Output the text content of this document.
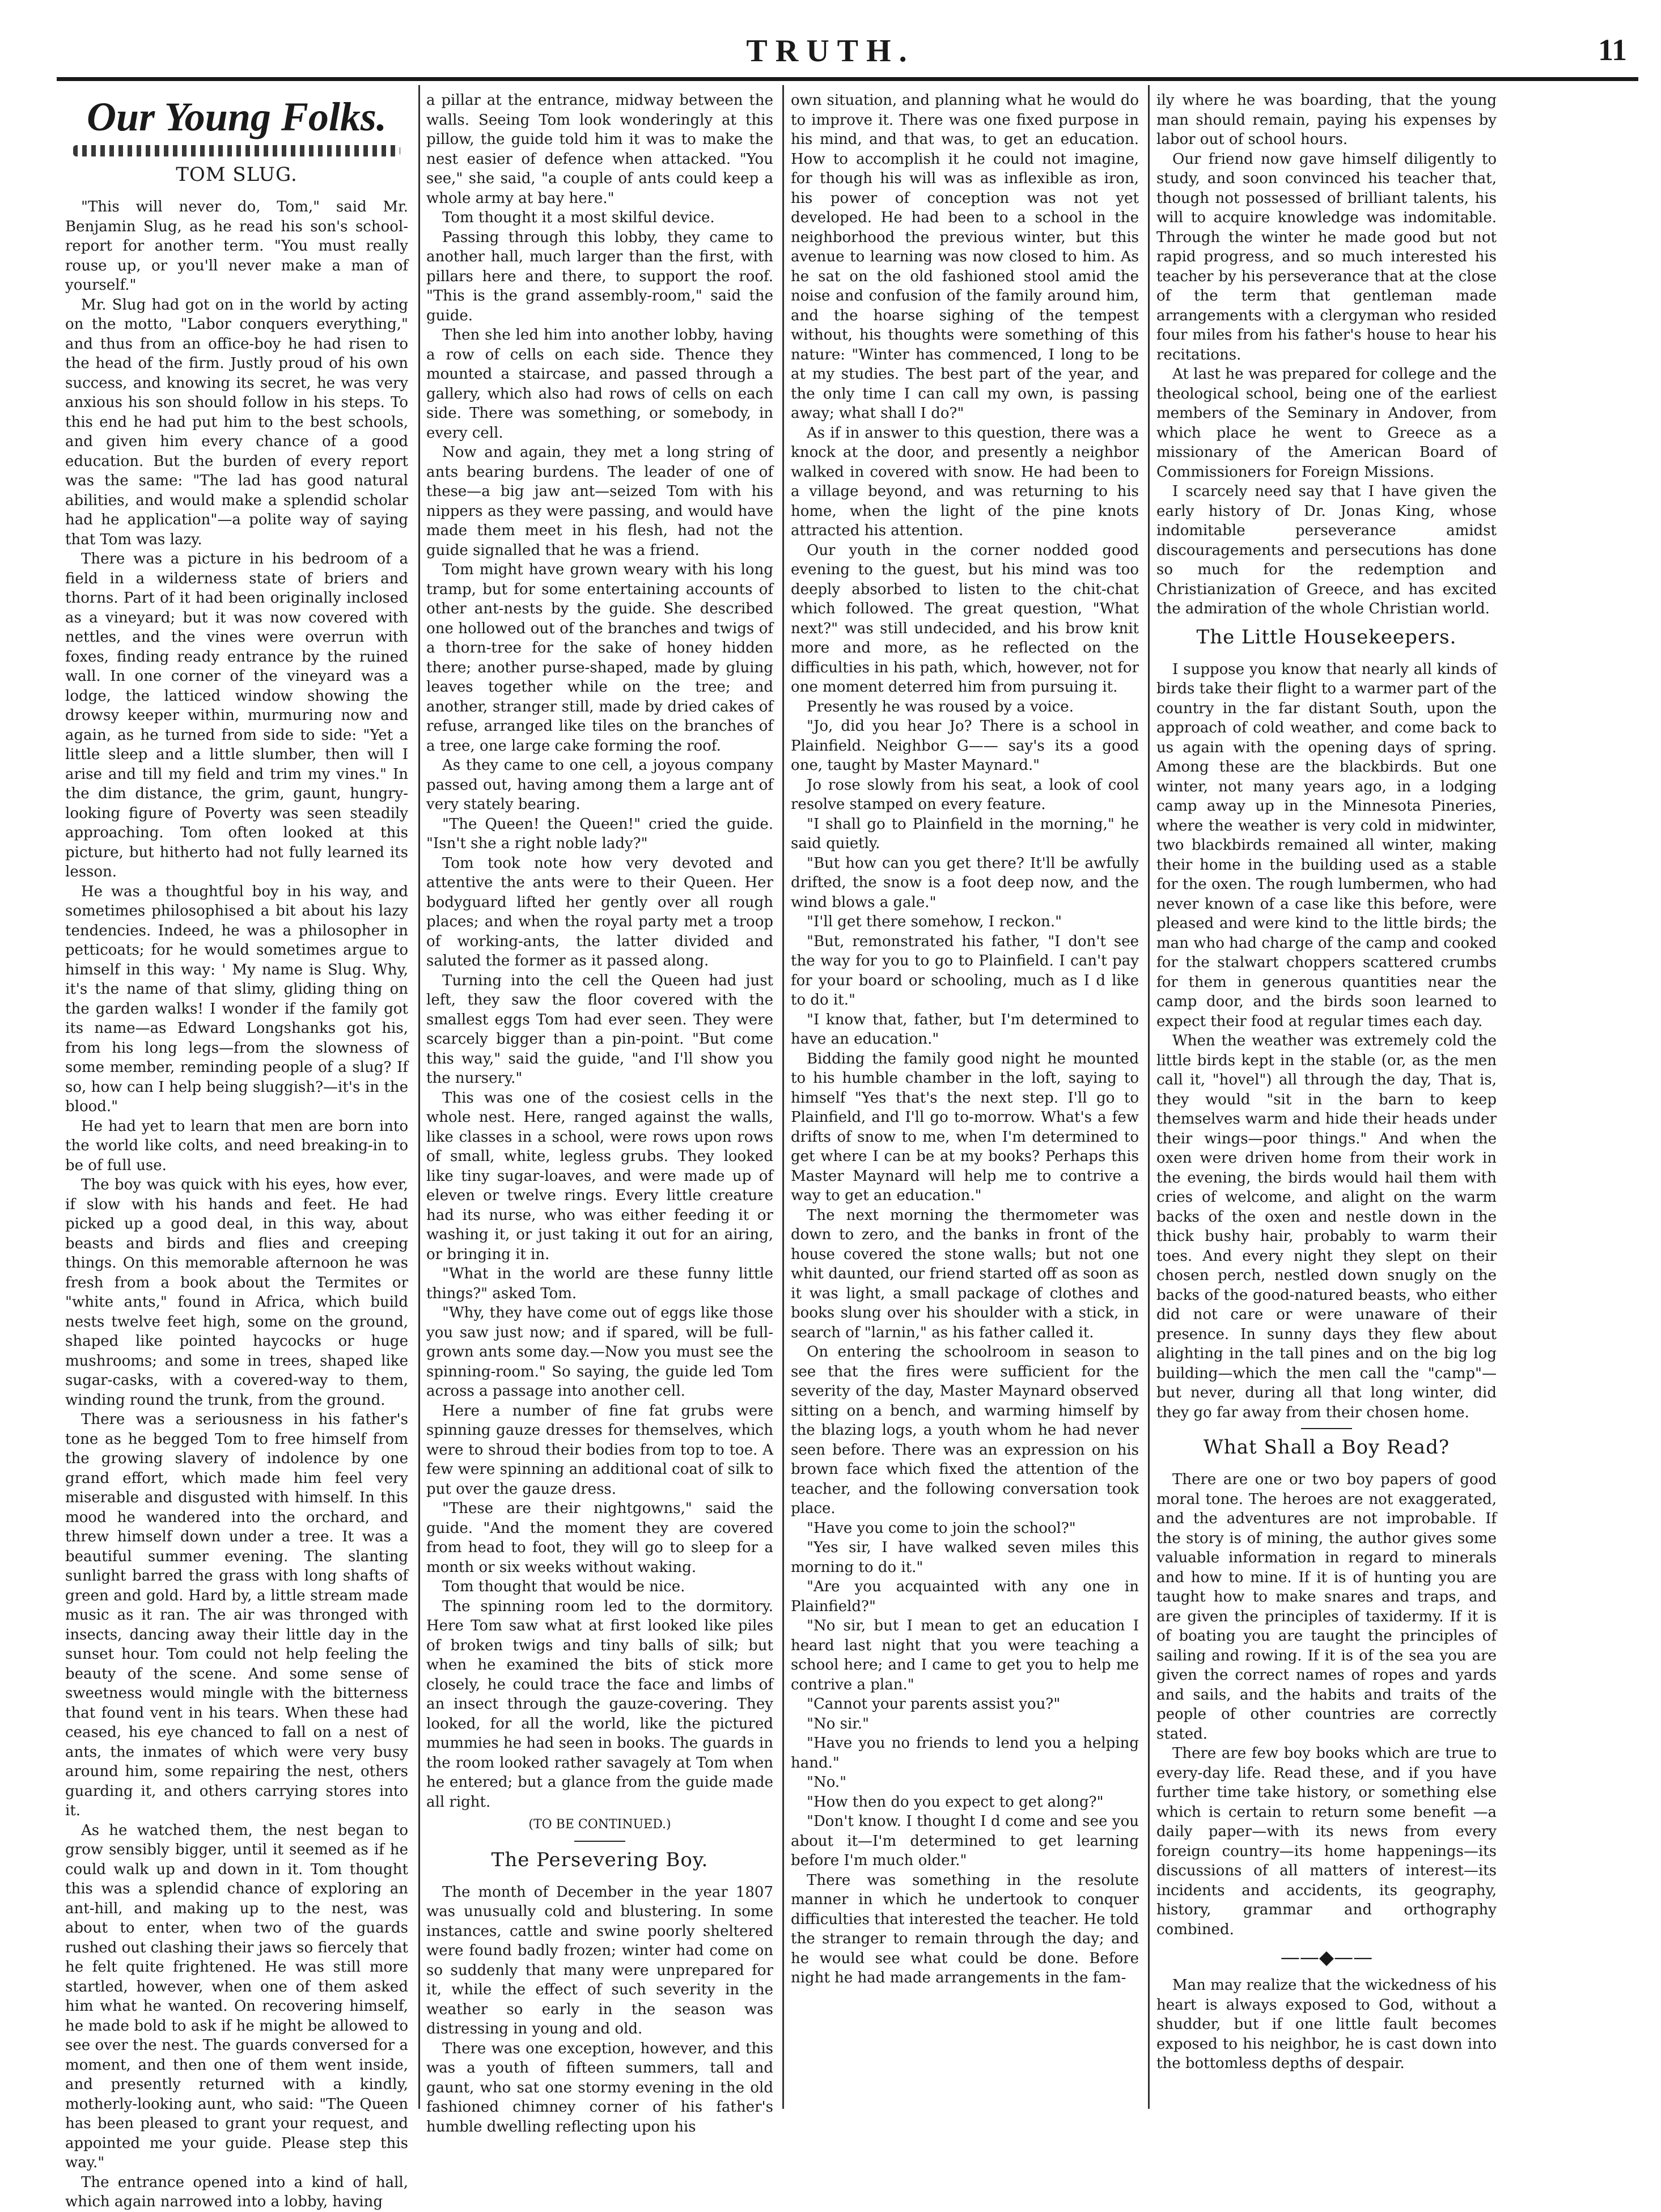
TRUTH.	11
Our Young Folks.
TOM SLUG.

"This will never do, Tom," said Mr. Benjamin Slug, as he read his son's school-report for another term. "You must really rouse up, or you'll never make a man of yourself."

Mr. Slug had got on in the world by acting on the motto, "Labor conquers everything," and thus from an office-boy he had risen to the head of the firm. Justly proud of his own success, and knowing its secret, he was very anxious his son should follow in his steps. To this end he had put him to the best schools, and given him every chance of a good education. But the burden of every report was the same: "The lad has good natural abilities, and would make a splendid scholar had he application"—a polite way of saying that Tom was lazy.

There was a picture in his bedroom of a field in a wilderness state of briers and thorns. Part of it had been originally inclosed as a vineyard; but it was now covered with nettles, and the vines were overrun with foxes, finding ready entrance by the ruined wall. In one corner of the vineyard was a lodge, the latticed window showing the drowsy keeper within, murmuring now and again, as he turned from side to side: "Yet a little sleep and a little slumber, then will I arise and till my field and trim my vines." In the dim distance, the grim, gaunt, hungry-looking figure of Poverty was seen steadily approaching. Tom often looked at this picture, but hitherto had not fully learned its lesson.

He was a thoughtful boy in his way, and sometimes philosophised a bit about his lazy tendencies. Indeed, he was a philosopher in petticoats; for he would sometimes argue to himself in this way: ' My name is Slug. Why, it's the name of that slimy, gliding thing on the garden walks! I wonder if the family got its name—as Edward Longshanks got his, from his long legs—from the slowness of some member, reminding people of a slug? If so, how can I help being sluggish?—it's in the blood."

He had yet to learn that men are born into the world like colts, and need breaking-in to be of full use.

The boy was quick with his eyes, how ever, if slow with his hands and feet. He had picked up a good deal, in this way, about beasts and birds and flies and creeping things. On this memorable afternoon he was fresh from a book about the Termites or "white ants," found in Africa, which build nests twelve feet high, some on the ground, shaped like pointed haycocks or huge mushrooms; and some in trees, shaped like sugar-casks, with a covered-way to them, winding round the trunk, from the ground.

There was a seriousness in his father's tone as he begged Tom to free himself from the growing slavery of indolence by one grand effort, which made him feel very miserable and disgusted with himself. In this mood he wandered into the orchard, and threw himself down under a tree. It was a beautiful summer evening. The slanting sunlight barred the grass with long shafts of green and gold. Hard by, a little stream made music as it ran. The air was thronged with insects, dancing away their little day in the sunset hour. Tom could not help feeling the beauty of the scene. And some sense of sweetness would mingle with the bitterness that found vent in his tears. When these had ceased, his eye chanced to fall on a nest of ants, the inmates of which were very busy around him, some repairing the nest, others guarding it, and others carrying stores into it.

As he watched them, the nest began to grow sensibly bigger, until it seemed as if he could walk up and down in it. Tom thought this was a splendid chance of exploring an ant-hill, and making up to the nest, was about to enter, when two of the guards rushed out clashing their jaws so fiercely that he felt quite frightened. He was still more startled, however, when one of them asked him what he wanted. On recovering himself, he made bold to ask if he might be allowed to see over the nest. The guards conversed for a moment, and then one of them went inside, and presently returned with a kindly, motherly-looking aunt, who said: "The Queen has been pleased to grant your request, and appointed me your guide. Please step this way."

The entrance opened into a kind of hall, which again narrowed into a lobby, having

a pillar at the entrance, midway between the walls. Seeing Tom look wonderingly at this pillow, the guide told him it was to make the nest easier of defence when attacked. "You see," she said, "a couple of ants could keep a whole army at bay here."

Tom thought it a most skilful device.

Passing through this lobby, they came to another hall, much larger than the first, with pillars here and there, to support the roof. "This is the grand assembly-room," said the guide.

Then she led him into another lobby, having a row of cells on each side. Thence they mounted a staircase, and passed through a gallery, which also had rows of cells on each side. There was something, or somebody, in every cell.

Now and again, they met a long string of ants bearing burdens. The leader of one of these—a big jaw ant—seized Tom with his nippers as they were passing, and would have made them meet in his flesh, had not the guide signalled that he was a friend.

Tom might have grown weary with his long tramp, but for some entertaining accounts of other ant-nests by the guide. She described one hollowed out of the branches and twigs of a thorn-tree for the sake of honey hidden there; another purse-shaped, made by gluing leaves together while on the tree; and another, stranger still, made by dried cakes of refuse, arranged like tiles on the branches of a tree, one large cake forming the roof.

As they came to one cell, a joyous company passed out, having among them a large ant of very stately bearing.

"The Queen! the Queen!" cried the guide. "Isn't she a right noble lady?"

Tom took note how very devoted and attentive the ants were to their Queen. Her bodyguard lifted her gently over all rough places; and when the royal party met a troop of working-ants, the latter divided and saluted the former as it passed along.

Turning into the cell the Queen had just left, they saw the floor covered with the smallest eggs Tom had ever seen. They were scarcely bigger than a pin-point. "But come this way," said the guide, "and I'll show you the nursery."

This was one of the cosiest cells in the whole nest. Here, ranged against the walls, like classes in a school, were rows upon rows of small, white, legless grubs. They looked like tiny sugar-loaves, and were made up of eleven or twelve rings. Every little creature had its nurse, who was either feeding it or washing it, or just taking it out for an airing, or bringing it in.

"What in the world are these funny little things?" asked Tom.

"Why, they have come out of eggs like those you saw just now; and if spared, will be full-grown ants some day.—Now you must see the spinning-room." So saying, the guide led Tom across a passage into another cell.

Here a number of fine fat grubs were spinning gauze dresses for themselves, which were to shroud their bodies from top to toe. A few were spinning an additional coat of silk to put over the gauze dress.

"These are their nightgowns," said the guide. "And the moment they are covered from head to foot, they will go to sleep for a month or six weeks without waking.

Tom thought that would be nice.

The spinning room led to the dormitory. Here Tom saw what at first looked like piles of broken twigs and tiny balls of silk; but when he examined the bits of stick more closely, he could trace the face and limbs of an insect through the gauze-covering. They looked, for all the world, like the pictured mummies he had seen in books. The guards in the room looked rather savagely at Tom when he entered; but a glance from the guide made all right.

(TO BE CONTINUED.)
The Persevering Boy.

The month of December in the year 1807 was unusually cold and blustering. In some instances, cattle and swine poorly sheltered were found badly frozen; winter had come on so suddenly that many were unprepared for it, while the effect of such severity in the weather so early in the season was distressing in young and old.

There was one exception, however, and this was a youth of fifteen summers, tall and gaunt, who sat one stormy evening in the old fashioned chimney corner of his father's humble dwelling reflecting upon his

own situation, and planning what he would do to improve it. There was one fixed purpose in his mind, and that was, to get an education. How to accomplish it he could not imagine, for though his will was as inflexible as iron, his power of conception was not yet developed. He had been to a school in the neighborhood the previous winter, but this avenue to learning was now closed to him. As he sat on the old fashioned stool amid the noise and confusion of the family around him, and the hoarse sighing of the tempest without, his thoughts were something of this nature: "Winter has commenced, I long to be at my studies. The best part of the year, and the only time I can call my own, is passing away; what shall I do?"

As if in answer to this question, there was a knock at the door, and presently a neighbor walked in covered with snow. He had been to a village beyond, and was returning to his home, when the light of the pine knots attracted his attention.

Our youth in the corner nodded good evening to the guest, but his mind was too deeply absorbed to listen to the chit-chat which followed. The great question, "What next?" was still undecided, and his brow knit more and more, as he reflected on the difficulties in his path, which, however, not for one moment deterred him from pursuing it.

Presently he was roused by a voice.

"Jo, did you hear Jo? There is a school in Plainfield. Neighbor G—— say's its a good one, taught by Master Maynard."

Jo rose slowly from his seat, a look of cool resolve stamped on every feature.

"I shall go to Plainfield in the morning," he said quietly.

"But how can you get there? It'll be awfully drifted, the snow is a foot deep now, and the wind blows a gale."

"I'll get there somehow, I reckon."

"But, remonstrated his father, "I don't see the way for you to go to Plainfield. I can't pay for your board or schooling, much as I d like to do it."

"I know that, father, but I'm determined to have an education."

Bidding the family good night he mounted to his humble chamber in the loft, saying to himself "Yes that's the next step. I'll go to Plainfield, and I'll go to-morrow. What's a few drifts of snow to me, when I'm determined to get where I can be at my books? Perhaps this Master Maynard will help me to contrive a way to get an education."

The next morning the thermometer was down to zero, and the banks in front of the house covered the stone walls; but not one whit daunted, our friend started off as soon as it was light, a small package of clothes and books slung over his shoulder with a stick, in search of "larnin," as his father called it.

On entering the schoolroom in season to see that the fires were sufficient for the severity of the day, Master Maynard observed sitting on a bench, and warming himself by the blazing logs, a youth whom he had never seen before. There was an expression on his brown face which fixed the attention of the teacher, and the following conversation took place.

"Have you come to join the school?"

"Yes sir, I have walked seven miles this morning to do it."

"Are you acquainted with any one in Plainfield?"

"No sir, but I mean to get an education I heard last night that you were teaching a school here; and I came to get you to help me contrive a plan."

"Cannot your parents assist you?"

"No sir."

"Have you no friends to lend you a helping hand."

"No."

"How then do you expect to get along?"

"Don't know. I thought I d come and see you about it—I'm determined to get learning before I'm much older."

There was something in the resolute manner in which he undertook to conquer difficulties that interested the teacher. He told the stranger to remain through the day; and he would see what could be done. Before night he had made arrangements in the fam-

ily where he was boarding, that the young man should remain, paying his expenses by labor out of school hours.

Our friend now gave himself diligently to study, and soon convinced his teacher that, though not possessed of brilliant talents, his will to acquire knowledge was indomitable. Through the winter he made good but not rapid progress, and so much interested his teacher by his perseverance that at the close of the term that gentleman made arrangements with a clergyman who resided four miles from his father's house to hear his recitations.

At last he was prepared for college and the theological school, being one of the earliest members of the Seminary in Andover, from which place he went to Greece as a missionary of the American Board of Commissioners for Foreign Missions.

I scarcely need say that I have given the early history of Dr. Jonas King, whose indomitable perseverance amidst discouragements and persecutions has done so much for the redemption and Christianization of Greece, and has excited the admiration of the whole Christian world.

The Little Housekeepers.

I suppose you know that nearly all kinds of birds take their flight to a warmer part of the country in the far distant South, upon the approach of cold weather, and come back to us again with the opening days of spring. Among these are the blackbirds. But one winter, not many years ago, in a lodging camp away up in the Minnesota Pineries, where the weather is very cold in midwinter, two blackbirds remained all winter, making their home in the building used as a stable for the oxen. The rough lumbermen, who had never known of a case like this before, were pleased and were kind to the little birds; the man who had charge of the camp and cooked for the stalwart choppers scattered crumbs for them in generous quantities near the camp door, and the birds soon learned to expect their food at regular times each day.

When the weather was extremely cold the little birds kept in the stable (or, as the men call it, "hovel") all through the day, That is, they would "sit in the barn to keep themselves warm and hide their heads under their wings—poor things." And when the oxen were driven home from their work in the evening, the birds would hail them with cries of welcome, and alight on the warm backs of the oxen and nestle down in the thick bushy hair, probably to warm their toes. And every night they slept on their chosen perch, nestled down snugly on the backs of the good-natured beasts, who either did not care or were unaware of their presence. In sunny days they flew about alighting in the tall pines and on the big log building—which the men call the "camp"—but never, during all that long winter, did they go far away from their chosen home.

What Shall a Boy Read?

There are one or two boy papers of good moral tone. The heroes are not exaggerated, and the adventures are not improbable. If the story is of mining, the author gives some valuable information in regard to minerals and how to mine. If it is of hunting you are taught how to make snares and traps, and are given the principles of taxidermy. If it is of boating you are taught the principles of sailing and rowing. If it is of the sea you are given the correct names of ropes and yards and sails, and the habits and traits of the people of other countries are correctly stated.

There are few boy books which are true to every-day life. Read these, and if you have further time take history, or something else which is certain to return some benefit —a daily paper—with its news from every foreign country—its home happenings—its discussions of all matters of interest—its incidents and accidents, its geography, history, grammar and orthography combined.

——◆——

Man may realize that the wickedness of his heart is always exposed to God, without a shudder, but if one little fault becomes exposed to his neighbor, he is cast down into the bottomless depths of despair.
